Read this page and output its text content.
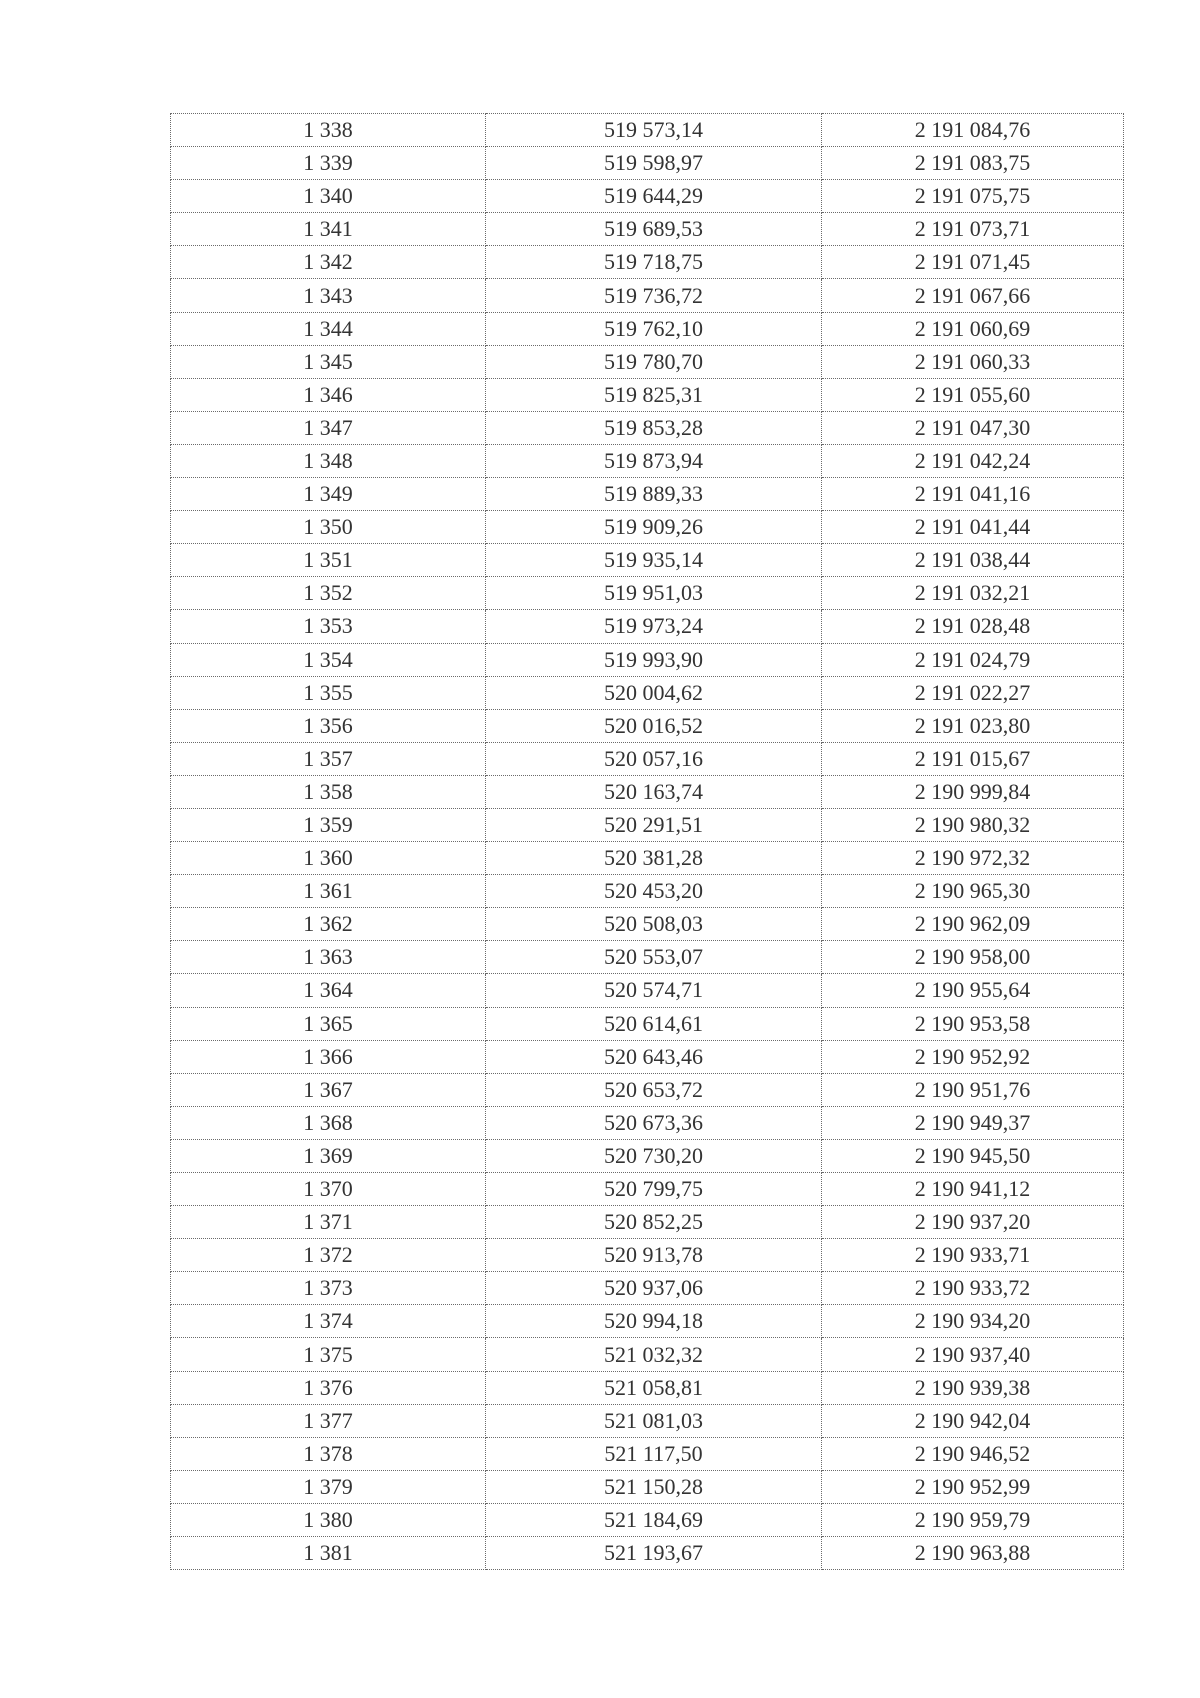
1 338	519 573,14	2 191 084,76
1 339	519 598,97	2 191 083,75
1 340	519 644,29	2 191 075,75
1 341	519 689,53	2 191 073,71
1 342	519 718,75	2 191 071,45
1 343	519 736,72	2 191 067,66
1 344	519 762,10	2 191 060,69
1 345	519 780,70	2 191 060,33
1 346	519 825,31	2 191 055,60
1 347	519 853,28	2 191 047,30
1 348	519 873,94	2 191 042,24
1 349	519 889,33	2 191 041,16
1 350	519 909,26	2 191 041,44
1 351	519 935,14	2 191 038,44
1 352	519 951,03	2 191 032,21
1 353	519 973,24	2 191 028,48
1 354	519 993,90	2 191 024,79
1 355	520 004,62	2 191 022,27
1 356	520 016,52	2 191 023,80
1 357	520 057,16	2 191 015,67
1 358	520 163,74	2 190 999,84
1 359	520 291,51	2 190 980,32
1 360	520 381,28	2 190 972,32
1 361	520 453,20	2 190 965,30
1 362	520 508,03	2 190 962,09
1 363	520 553,07	2 190 958,00
1 364	520 574,71	2 190 955,64
1 365	520 614,61	2 190 953,58
1 366	520 643,46	2 190 952,92
1 367	520 653,72	2 190 951,76
1 368	520 673,36	2 190 949,37
1 369	520 730,20	2 190 945,50
1 370	520 799,75	2 190 941,12
1 371	520 852,25	2 190 937,20
1 372	520 913,78	2 190 933,71
1 373	520 937,06	2 190 933,72
1 374	520 994,18	2 190 934,20
1 375	521 032,32	2 190 937,40
1 376	521 058,81	2 190 939,38
1 377	521 081,03	2 190 942,04
1 378	521 117,50	2 190 946,52
1 379	521 150,28	2 190 952,99
1 380	521 184,69	2 190 959,79
1 381	521 193,67	2 190 963,88
